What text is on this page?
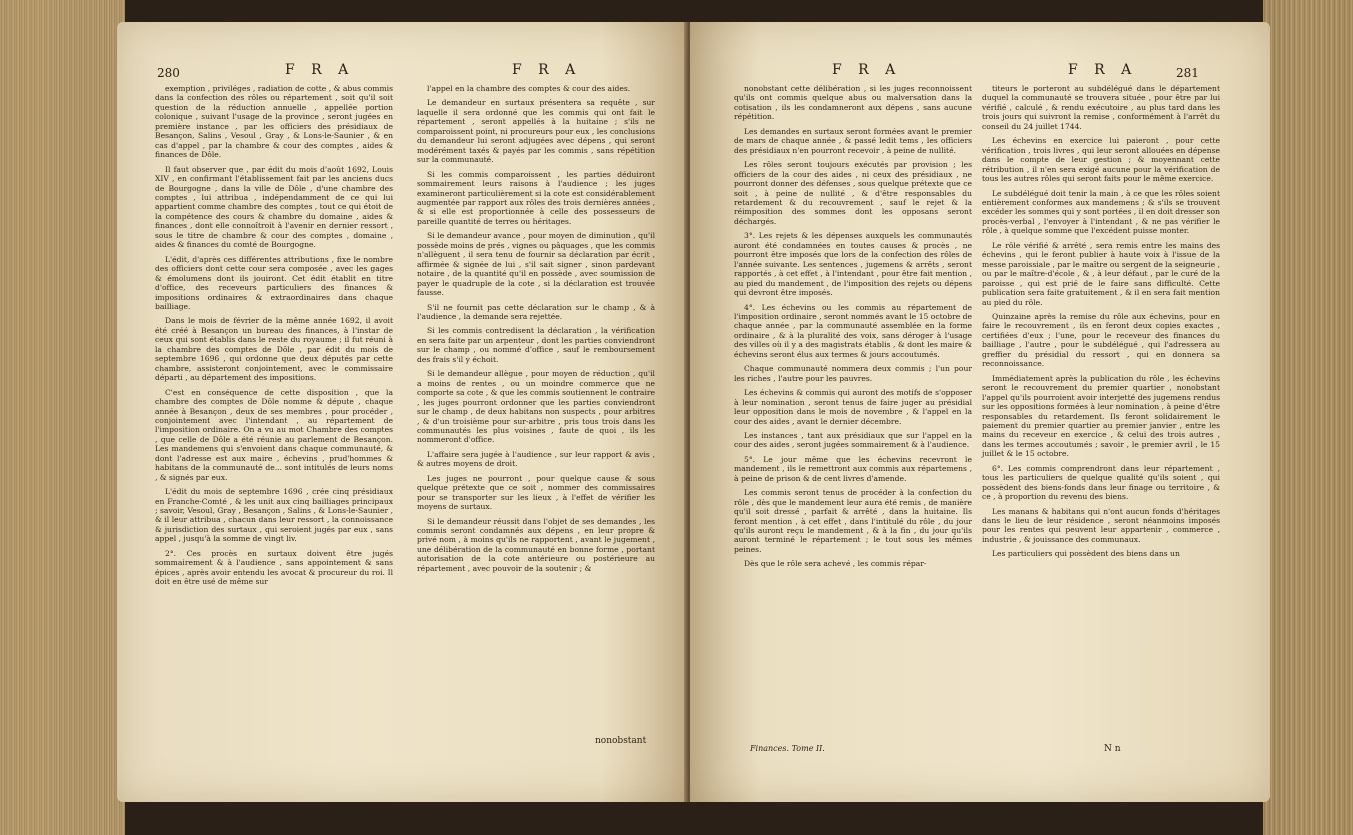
280	F R A	F R A

exemption , priviléges , radiation de cotte , & abus commis dans la confection des rôles ou répartement , soit qu'il soit question de la réduction annuelle , appellée portion colonique , suivant l'usage de la province , seront jugées en première instance , par les officiers des présidiaux de Besançon, Salins , Vesoul , Gray , & Lons-le-Saunier , & en cas d'appel , par la chambre & cour des comptes , aides & finances de Dôle.

Il faut observer que , par édit du mois d'août 1692, Louis XIV , en confirmant l'établissement fait par les anciens ducs de Bourgogne , dans la ville de Dôle , d'une chambre des comptes , lui attribua , indépendamment de ce qui lui appartient comme chambre des comptes , tout ce qui étoit de la compétence des cours & chambre du domaine , aides & finances , dont elle connoîtroit à l'avenir en dernier ressort , sous le titre de chambre & cour des comptes , domaine , aides & finances du comté de Bourgogne.

L'édit, d'après ces différentes attributions , fixe le nombre des officiers dont cette cour sera composée , avec les gages & émolumens dont ils jouiront. Cet édit établit en titre d'office, des receveurs particuliers des finances & impositions ordinaires & extraordinaires dans chaque bailliage.

Dans le mois de février de la même année 1692, il avoit été créé à Besançon un bureau des finances, à l'instar de ceux qui sont établis dans le reste du royaume ; il fut réuni à la chambre des comptes de Dôle , par édit du mois de septembre 1696 , qui ordonne que deux députés par cette chambre, assisteront conjointement, avec le commissaire départi , au département des impositions.

C'est en conséquence de cette disposition , que la chambre des comptes de Dôle nomme & députe , chaque année à Besançon , deux de ses membres , pour procéder , conjointement avec l'intendant , au répartement de l'imposition ordinaire. On a vu au mot Chambre des comptes , que celle de Dôle a été réunie au parlement de Besançon. Les mandemens qui s'envoient dans chaque communauté, & dont l'adresse est aux maire , échevins , prud'hommes & habitans de la communauté de... sont intitulés de leurs noms , & signés par eux.

L'édit du mois de septembre 1696 , crée cinq présidiaux en Franche-Comté , & les unit aux cinq bailliages principaux ; savoir, Vesoul, Gray , Besançon , Salins , & Lons-le-Saunier , & il leur attribua , chacun dans leur ressort , la connoissance & jurisdiction des surtaux , qui seroient jugés par eux , sans appel , jusqu'à la somme de vingt liv.

2°. Ces procès en surtaux doivent être jugés sommairement & à l'audience , sans appointement & sans épices , après avoir entendu les avocat & procureur du roi. Il doit en être usé de même sur

l'appel en la chambre des comptes & cour des aides.

Le demandeur en surtaux présentera sa requête , sur laquelle il sera ordonné que les commis qui ont fait le répartement , seront appellés à la huitaine ; s'ils ne comparoissent point, ni procureurs pour eux , les conclusions du demandeur lui seront adjugées avec dépens , qui seront modérément taxés & payés par les commis , sans répétition sur la communauté.

Si les commis comparoissent , les parties déduiront sommairement leurs raisons à l'audience ; les juges examineront particulièrement si la cote est considérablement augmentée par rapport aux rôles des trois dernières années , & si elle est proportionnée à celle des possesseurs de pareille quantité de terres ou héritages.

Si le demandeur avance , pour moyen de diminution , qu'il possède moins de prés , vignes ou pâquages , que les commis n'allèguent , il sera tenu de fournir sa déclaration par écrit , affirmée & signée de lui , s'il sait signer , sinon pardevant notaire , de la quantité qu'il en possède , avec soumission de payer le quadruple de la cote , si la déclaration est trouvée fausse.

S'il ne fournit pas cette déclaration sur le champ , & à l'audience , la demande sera rejettée.

Si les commis contredisent la déclaration , la vérification en sera faite par un arpenteur , dont les parties conviendront sur le champ , ou nommé d'office , sauf le remboursement des frais s'il y échoit.

Si le demandeur allègue , pour moyen de réduction , qu'il a moins de rentes , ou un moindre commerce que ne comporte sa cote , & que les commis soutiennent le contraire , les juges pourront ordonner que les parties conviendront sur le champ , de deux habitans non suspects , pour arbitres , & d'un troisième pour sur-arbitre , pris tous trois dans les communautés les plus voisines , faute de quoi , ils les nommeront d'office.

L'affaire sera jugée à l'audience , sur leur rapport & avis , & autres moyens de droit.

Les juges ne pourront , pour quelque cause & sous quelque prétexte que ce soit , nommer des commissaires pour se transporter sur les lieux , à l'effet de vérifier les moyens de surtaux.

Si le demandeur réussit dans l'objet de ses demandes , les commis seront condamnés aux dépens , en leur propre & privé nom , à moins qu'ils ne rapportent , avant le jugement , une délibération de la communauté en bonne forme , portant autorisation de la cote antérieure ou postérieure au répartement , avec pouvoir de la soutenir ; &

nonobstant
F R A	F R A	281

nonobstant cette délibération , si les juges reconnoissent qu'ils ont commis quelque abus ou malversation dans la cotisation , ils les condamneront aux dépens , sans aucune répétition.

Les demandes en surtaux seront formées avant le premier de mars de chaque année , & passé ledit tems , les officiers des présidiaux n'en pourront recevoir , à peine de nullité.

Les rôles seront toujours exécutés par provision ; les officiers de la cour des aides , ni ceux des présidiaux , ne pourront donner des défenses , sous quelque prétexte que ce soit , à peine de nullité , & d'être responsables du retardement & du recouvrement , sauf le rejet & la réimposition des sommes dont les opposans seront déchargés.

3°. Les rejets & les dépenses auxquels les communautés auront été condamnées en toutes causes & procès , ne pourront être imposés que lors de la confection des rôles de l'année suivante. Les sentences , jugemens & arrêts , seront rapportés , à cet effet , à l'intendant , pour être fait mention , au pied du mandement , de l'imposition des rejets ou dépens qui devront être imposés.

4°. Les échevins ou les commis au répartement de l'imposition ordinaire , seront nommés avant le 15 octobre de chaque année , par la communauté assemblée en la forme ordinaire , & à la pluralité des voix, sans déroger à l'usage des villes où il y a des magistrats établis , & dont les maire & échevins seront élus aux termes & jours accoutumés.

Chaque communauté nommera deux commis ; l'un pour les riches , l'autre pour les pauvres.

Les échevins & commis qui auront des motifs de s'opposer à leur nomination , seront tenus de faire juger au présidial leur opposition dans le mois de novembre , & l'appel en la cour des aides , avant le dernier décembre.

Les instances , tant aux présidiaux que sur l'appel en la cour des aides , seront jugées sommairement & à l'audience.

5°. Le jour même que les échevins recevront le mandement , ils le remettront aux commis aux répartemens , à peine de prison & de cent livres d'amende.

Les commis seront tenus de procéder à la confection du rôle , dès que le mandement leur aura été remis , de manière qu'il soit dressé , parfait & arrêté , dans la huitaine. Ils feront mention , à cet effet , dans l'intitulé du rôle , du jour qu'ils auront reçu le mandement , & à la fin , du jour qu'ils auront terminé le répartement ; le tout sous les mêmes peines.

Dès que le rôle sera achevé , les commis répar-

titeurs le porteront au subdélégué dans le département duquel la communauté se trouvera située , pour être par lui vérifié , calculé , & rendu exécutoire , au plus tard dans les trois jours qui suivront la remise , conformément à l'arrêt du conseil du 24 juillet 1744.

Les échevins en exercice lui paieront , pour cette vérification , trois livres , qui leur seront allouées en dépense dans le compte de leur gestion ; & moyennant cette rétribution , il n'en sera exigé aucune pour la vérification de tous les autres rôles qui seront faits pour le même exercice.

Le subdélégué doit tenir la main , à ce que les rôles soient entièrement conformes aux mandemens ; & s'ils se trouvent excéder les sommes qui y sont portées , il en doit dresser son procès-verbal , l'envoyer à l'intendant , & ne pas vérifier le rôle , à quelque somme que l'excédent puisse monter.

Le rôle vérifié & arrêté , sera remis entre les mains des échevins , qui le feront publier à haute voix à l'issue de la messe paroissiale , par le maître ou sergent de la seigneurie , ou par le maître-d'école , & , à leur défaut , par le curé de la paroisse , qui est prié de le faire sans difficulté. Cette publication sera faite gratuitement , & il en sera fait mention au pied du rôle.

Quinzaine après la remise du rôle aux échevins, pour en faire le recouvrement , ils en feront deux copies exactes , certifiées d'eux ; l'une, pour le receveur des finances du bailliage , l'autre , pour le subdélégué , qui l'adressera au greffier du présidial du ressort , qui en donnera sa reconnoissance.

Immédiatement après la publication du rôle , les échevins seront le recouvrement du premier quartier , nonobstant l'appel qu'ils pourroient avoir interjetté des jugemens rendus sur les oppositions formées à leur nomination , à peine d'être responsables du retardement. Ils feront solidairement le paiement du premier quartier au premier janvier , entre les mains du receveur en exercice , & celui des trois autres , dans les termes accoutumés ; savoir , le premier avril , le 15 juillet & le 15 octobre.

6°. Les commis comprendront dans leur répartement , tous les particuliers de quelque qualité qu'ils soient , qui possèdent des biens-fonds dans leur finage ou territoire , & ce , à proportion du revenu des biens.

Les manans & habitans qui n'ont aucun fonds d'héritages dans le lieu de leur résidence , seront néanmoins imposés pour les rentes qui peuvent leur appartenir , commerce , industrie , & jouissance des communaux.

Les particuliers qui possèdent des biens dans un

Finances. Tome II.	N n
